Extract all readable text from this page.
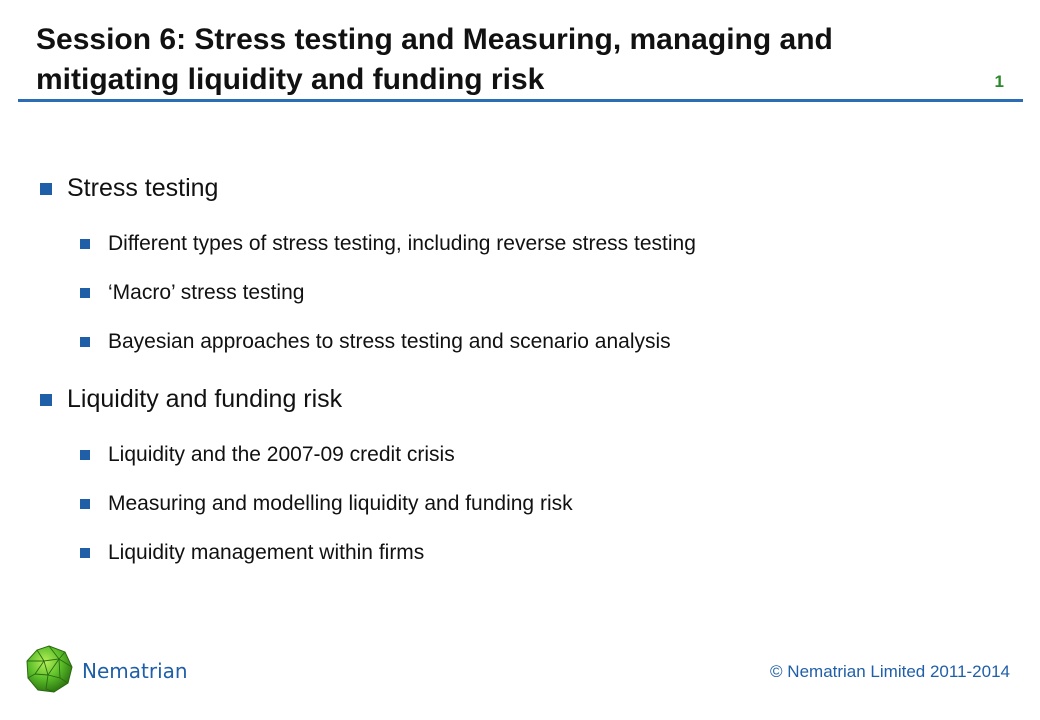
Session 6: Stress testing and Measuring, managing and mitigating liquidity and funding risk	1
Stress testing
Different types of stress testing, including reverse stress testing
‘Macro’ stress testing
Bayesian approaches to stress testing and scenario analysis
Liquidity and funding risk
Liquidity and the 2007-09 credit crisis
Measuring and modelling liquidity and funding risk
Liquidity management within firms
Nematrian	© Nematrian Limited 2011-2014
